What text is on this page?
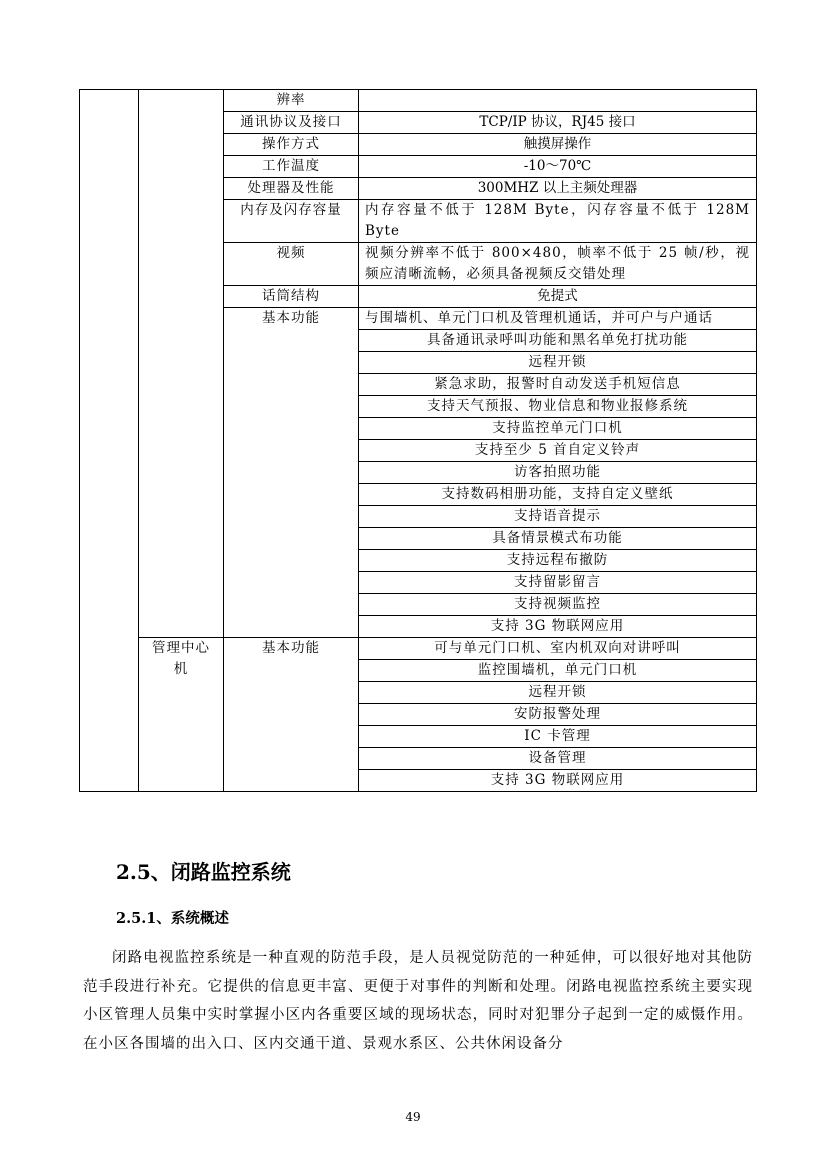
		辨率		
		通讯协议及接口	TCP/IP 协议，RJ45 接口	
		操作方式	触摸屏操作	
		工作温度	-10～70℃	
		处理器及性能	300MHZ 以上主频处理器	
		内存及闪存容量	内存容量不低于 128M Byte，闪存容量不低于 128M Byte	
		视频	视频分辨率不低于 800×480，帧率不低于 25 帧/秒，视频应清晰流畅，必须具备视频反交错处理	
		话筒结构	免提式	
		基本功能	与围墙机、单元门口机及管理机通话，并可户与户通话	
			具备通讯录呼叫功能和黑名单免打扰功能	
			远程开锁	
			紧急求助，报警时自动发送手机短信息	
			支持天气预报、物业信息和物业报修系统	
			支持监控单元门口机	
			支持至少 5 首自定义铃声	
			访客拍照功能	
			支持数码相册功能，支持自定义壁纸	
			支持语音提示	
			具备情景模式布功能	
			支持远程布撤防	
			支持留影留言	
			支持视频监控	
			支持 3G 物联网应用	
	管理中心机	基本功能	可与单元门口机、室内机双向对讲呼叫	
			监控围墙机，单元门口机	
			远程开锁	
			安防报警处理	
			IC 卡管理	
			设备管理	
			支持 3G 物联网应用	

2.5、闭路监控系统
2.5.1、系统概述

闭路电视监控系统是一种直观的防范手段，是人员视觉防范的一种延伸，可以很好地对其他防范手段进行补充。它提供的信息更丰富、更便于对事件的判断和处理。闭路电视监控系统主要实现小区管理人员集中实时掌握小区内各重要区域的现场状态，同时对犯罪分子起到一定的威慑作用。在小区各围墙的出入口、区内交通干道、景观水系区、公共休闲设备分

49
